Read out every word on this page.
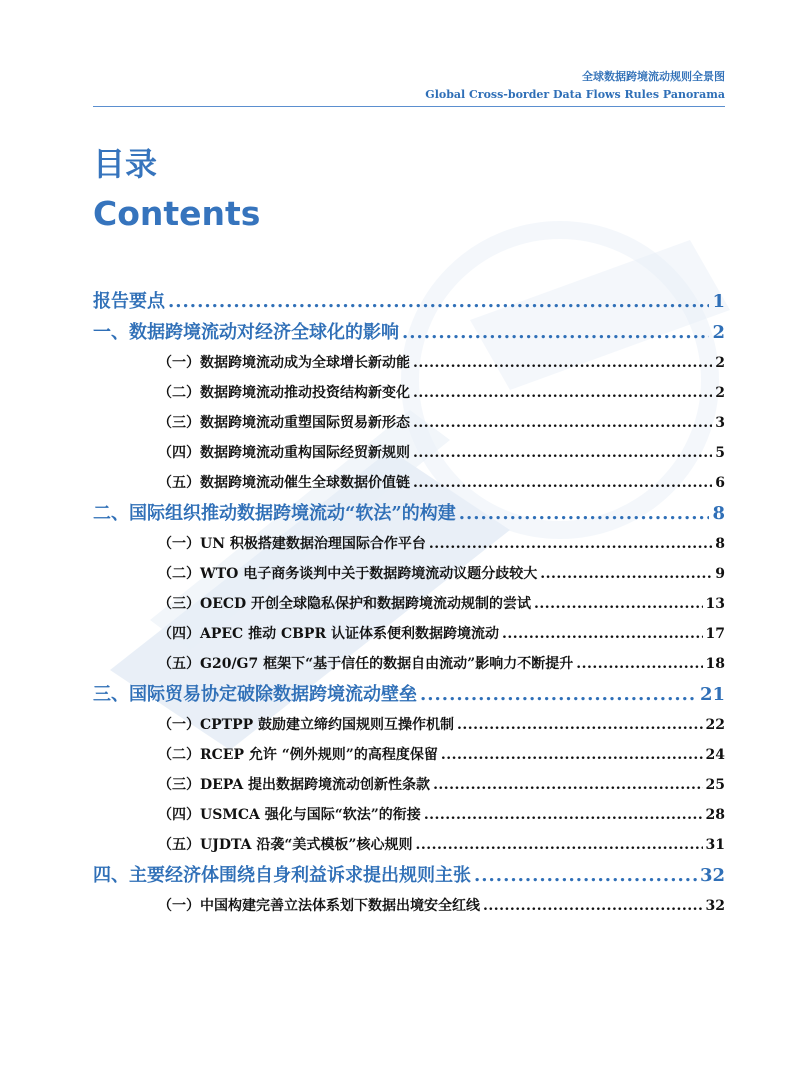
全球数据跨境流动规则全景图
Global Cross-border Data Flows Rules Panorama
目录
Contents
报告要点 .....	1
一、数据跨境流动对经济全球化的影响 .....	2
（一）数据跨境流动成为全球增长新动能 .....	2
（二）数据跨境流动推动投资结构新变化 .....	2
（三）数据跨境流动重塑国际贸易新形态 .....	3
（四）数据跨境流动重构国际经贸新规则 .....	5
（五）数据跨境流动催生全球数据价值链 .....	6
二、国际组织推动数据跨境流动“软法”的构建 .....	8
（一）UN 积极搭建数据治理国际合作平台 .....	8
（二）WTO 电子商务谈判中关于数据跨境流动议题分歧较大 .....	9
（三）OECD 开创全球隐私保护和数据跨境流动规制的尝试 .....	13
（四）APEC 推动 CBPR 认证体系便利数据跨境流动 .....	17
（五）G20/G7 框架下“基于信任的数据自由流动”影响力不断提升 .....	18
三、国际贸易协定破除数据跨境流动壁垒 .....	21
（一）CPTPP 鼓励建立缔约国规则互操作机制 .....	22
（二）RCEP 允许 “例外规则”的高程度保留 .....	24
（三）DEPA 提出数据跨境流动创新性条款 .....	25
（四）USMCA 强化与国际“软法”的衔接 .....	28
（五）UJDTA 沿袭“美式模板”核心规则 .....	31
四、主要经济体围绕自身利益诉求提出规则主张 .....	32
（一）中国构建完善立法体系划下数据出境安全红线 .....	32
